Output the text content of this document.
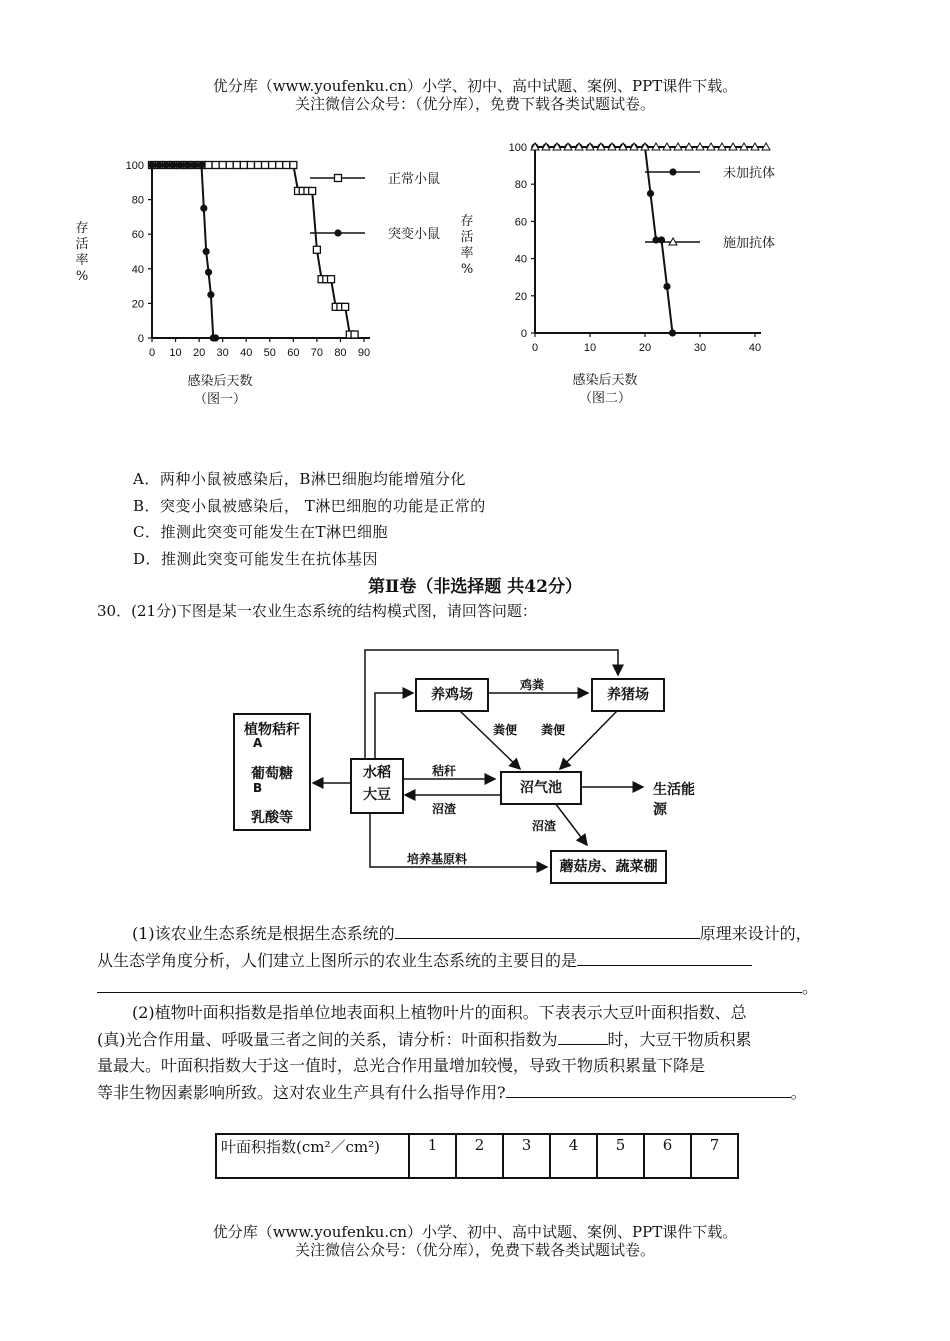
优分库（www.youfenku.cn）小学、初中、高中试题、案例、PPT课件下载。
关注微信公众号：（优分库），免费下载各类试题试卷。
0
20
40
60
80
100
0 10 20 30 40 50 60 70 80 90
存
活
率
%
感染后天数
（图一）
正常小鼠
突变小鼠
0
20
40
60
80
100
0	10	20	30	40
存
活
率
%
感染后天数
（图二）
未加抗体
施加抗体
A．两种小鼠被感染后，B淋巴细胞均能增殖分化
B．突变小鼠被感染后， T淋巴细胞的功能是正常的
C．推测此突变可能发生在T淋巴细胞
D．推测此突变可能发生在抗体基因
第Ⅱ卷（非选择题 共42分）
30．(21分)下图是某一农业生态系统的结构模式图，请回答问题：
植物秸秆
葡萄糖
乳酸等
A
B
水稻
大豆
养鸡场	养猪场
沼气池	生活能源
蘑菇房、蔬菜棚
鸡粪
粪便 粪便
秸秆
沼渣
沼渣
培养基原料
(1)该农业生态系统是根据生态系统的	原理来设计的，
从生态学角度分析，人们建立上图所示的农业生态系统的主要目的是
。
(2)植物叶面积指数是指单位地表面积上植物叶片的面积。下表表示大豆叶面积指数、总
(真)光合作用量、呼吸量三者之间的关系，请分析：叶面积指数为	时，大豆干物质积累
量最大。叶面积指数大于这一值时，总光合作用量增加较慢，导致干物质积累量下降是
等非生物因素影响所致。这对农业生产具有什么指导作用?	。
叶面积指数(cm²／cm²)	1	2	3	4	5	6	7
优分库（www.youfenku.cn）小学、初中、高中试题、案例、PPT课件下载。
关注微信公众号：（优分库），免费下载各类试题试卷。
